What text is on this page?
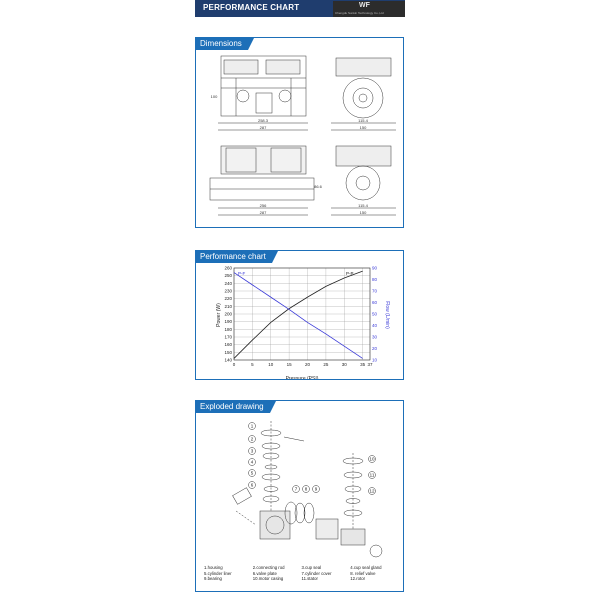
PERFORMANCE CHART	WF
Chengdu Sunkin Technology Co.,Ltd
Dimensions
258.3
287
115.4
150
256
287
115.4
150
86.6
100
Performance chart
0	5	10	15	20	25	30	35 37
140
150
160
170
180
190
200
210
220
230
240
250
260	90
80
70
60
50
40
30
20
10
Pressure (PSI)
Power (W)	Flow (L/min)
P-F	P-P
Exploded drawing
1
2
3
4
5
6
7 8 9
10
11
12
1.housing	2.connecting rod	3.cup seal	4.cup seal gland
5.cylinder liner	6.valve plate	7.cylinder cover	8. relief valve
9.bearing	10.motor casing	11.stator	12.rotor
